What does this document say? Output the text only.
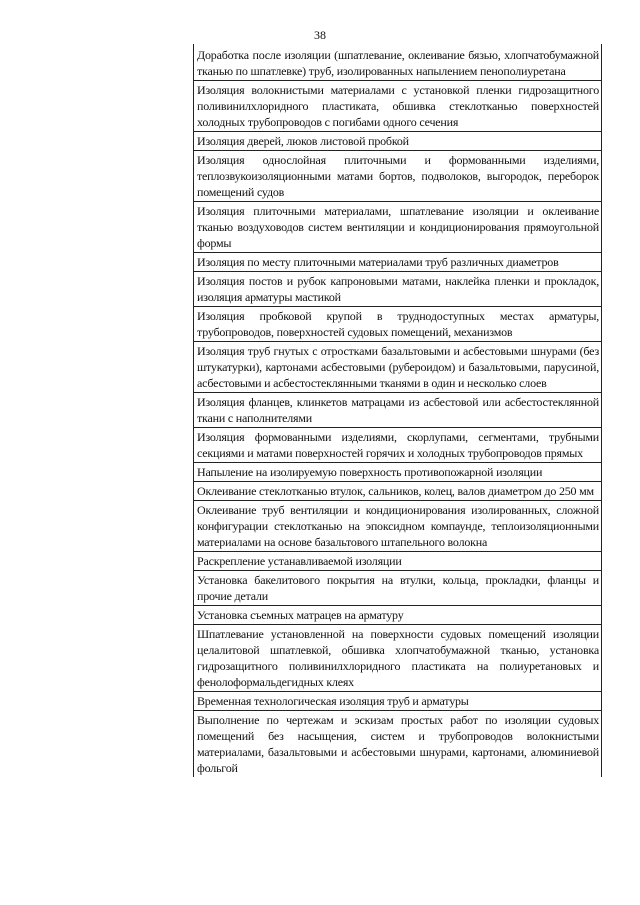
38
Доработка после изоляции (шпатлевание, оклеивание бязью, хлопчатобумажной тканью по шпатлевке) труб, изолированных напылением пенополиуретана
Изоляция волокнистыми материалами с установкой пленки гидрозащитного поливинилхлоридного пластиката, обшивка стеклотканью поверхностей холодных трубопроводов с погибами одного сечения
Изоляция дверей, люков листовой пробкой
Изоляция однослойная плиточными и формованными изделиями, теплозвукоизоляционными матами бортов, подволоков, выгородок, переборок помещений судов
Изоляция плиточными материалами, шпатлевание изоляции и оклеивание тканью воздуховодов систем вентиляции и кондиционирования прямоугольной формы
Изоляция по месту плиточными материалами труб различных диаметров
Изоляция постов и рубок капроновыми матами, наклейка пленки и прокладок, изоляция арматуры мастикой
Изоляция пробковой крупой в труднодоступных местах арматуры, трубопроводов, поверхностей судовых помещений, механизмов
Изоляция труб гнутых с отростками базальтовыми и асбестовыми шнурами (без штукатурки), картонами асбестовыми (рубероидом) и базальтовыми, парусиной, асбестовыми и асбестостеклянными тканями в один и несколько слоев
Изоляция фланцев, клинкетов матрацами из асбестовой или асбестостеклянной ткани с наполнителями
Изоляция формованными изделиями, скорлупами, сегментами, трубными секциями и матами поверхностей горячих и холодных трубопроводов прямых
Напыление на изолируемую поверхность противопожарной изоляции
Оклеивание стеклотканью втулок, сальников, колец, валов диаметром до 250 мм
Оклеивание труб вентиляции и кондиционирования изолированных, сложной конфигурации стеклотканью на эпоксидном компаунде, теплоизоляционными материалами на основе базальтового штапельного волокна
Раскрепление устанавливаемой изоляции
Установка бакелитового покрытия на втулки, кольца, прокладки, фланцы и прочие детали
Установка съемных матрацев на арматуру
Шпатлевание установленной на поверхности судовых помещений изоляции целалитовой шпатлевкой, обшивка хлопчатобумажной тканью, установка гидрозащитного поливинилхлоридного пластиката на полиуретановых и фенолоформальдегидных клеях
Временная технологическая изоляция труб и арматуры
Выполнение по чертежам и эскизам простых работ по изоляции судовых помещений без насыщения, систем и трубопроводов волокнистыми материалами, базальтовыми и асбестовыми шнурами, картонами, алюминиевой фольгой
